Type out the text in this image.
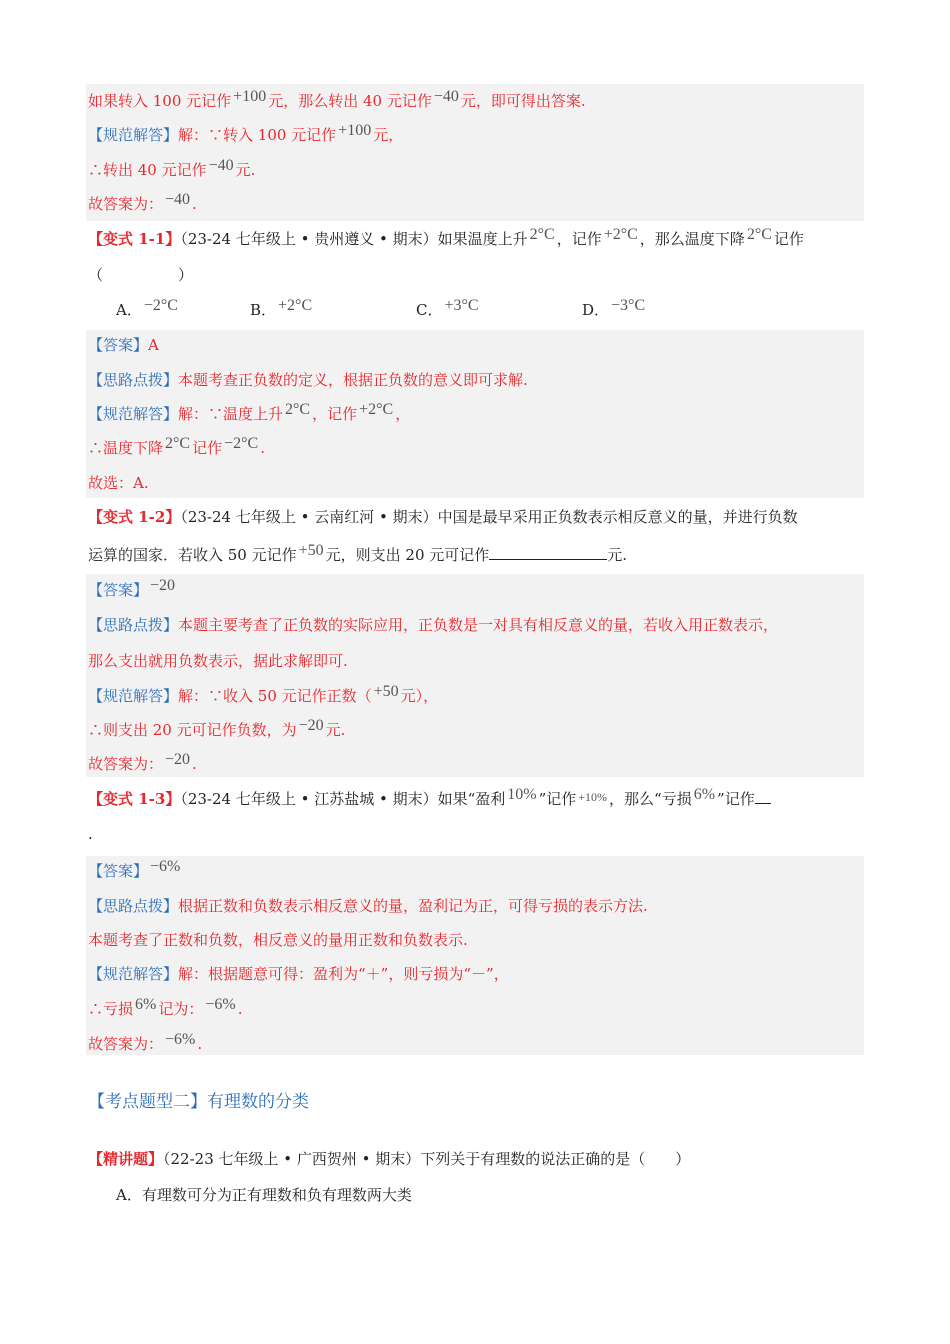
如果转入 100 元记作 +100 元，那么转出 40 元记作 −40 元，即可得出答案.
【规范解答】解：∵转入 100 元记作 +100 元，
∴转出 40 元记作 −40 元.
故答案为： −40 .
【变式 1-1】（23-24 七年级上 • 贵州遵义 • 期末）如果温度上升 2°C ，记作 +2°C ，那么温度下降 2°C 记作
（　　　　　）
A． −2°C	B． +2°C	C． +3°C	D． −3°C
【答案】A
【思路点拨】本题考查正负数的定义，根据正负数的意义即可求解.
【规范解答】解：∵温度上升 2°C ，记作 +2°C ，
∴温度下降 2°C 记作 −2°C .
故选：A.
【变式 1-2】（23-24 七年级上 • 云南红河 • 期末）中国是最早采用正负数表示相反意义的量，并进行负数
运算的国家．若收入 50 元记作 +50 元，则支出 20 元可记作	元.
【答案】 −20
【思路点拨】本题主要考查了正负数的实际应用，正负数是一对具有相反意义的量，若收入用正数表示，
那么支出就用负数表示，据此求解即可.
【规范解答】解：∵收入 50 元记作正数（ +50 元），
∴则支出 20 元可记作负数，为 −20 元.
故答案为： −20 .
【变式 1-3】（23-24 七年级上 • 江苏盐城 • 期末）如果“盈利 10% ”记作 $^{+10\%}$ ，那么“亏损 6% ”记作
.
【答案】 −6%
【思路点拨】根据正数和负数表示相反意义的量，盈利记为正，可得亏损的表示方法.
本题考查了正数和负数，相反意义的量用正数和负数表示.
【规范解答】解：根据题意可得：盈利为“＋”，则亏损为“－”，
∴亏损 6% 记为： −6% .
故答案为： −6% .
【考点题型二】有理数的分类
【精讲题】（22-23 七年级上 • 广西贺州 • 期末）下列关于有理数的说法正确的是（　　）
A．有理数可分为正有理数和负有理数两大类
